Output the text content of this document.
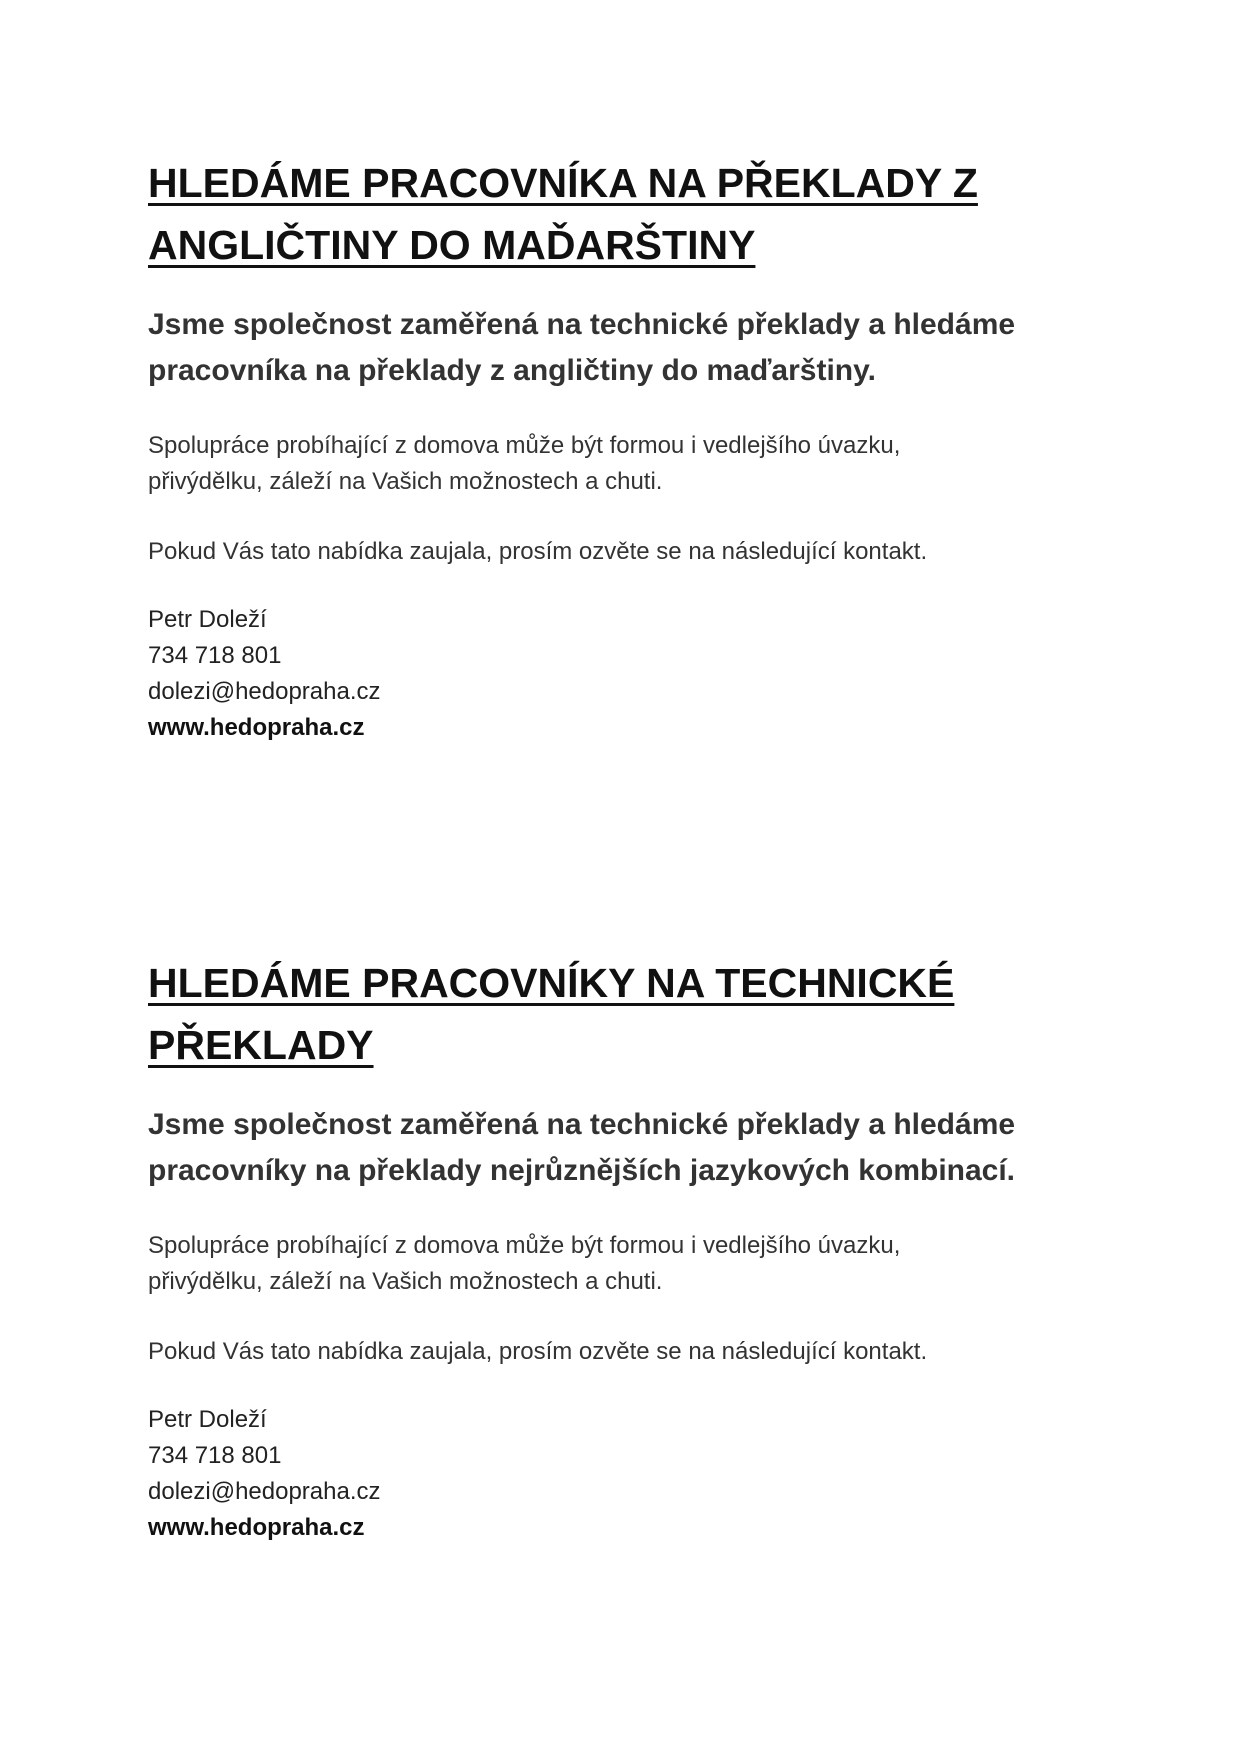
HLEDÁME PRACOVNÍKA NA PŘEKLADY Z
ANGLIČTINY DO MAĎARŠTINY

Jsme společnost zaměřená na technické překlady a hledáme
pracovníka na překlady z angličtiny do maďarštiny.

Spolupráce probíhající z domova může být formou i vedlejšího úvazku,
přivýdělku, záleží na Vašich možnostech a chuti.

Pokud Vás tato nabídka zaujala, prosím ozvěte se na následující kontakt.

Petr Doleží
734 718 801
dolezi@hedopraha.cz
www.hedopraha.cz
HLEDÁME PRACOVNÍKY NA TECHNICKÉ
PŘEKLADY

Jsme společnost zaměřená na technické překlady a hledáme
pracovníky na překlady nejrůznějších jazykových kombinací.

Spolupráce probíhající z domova může být formou i vedlejšího úvazku,
přivýdělku, záleží na Vašich možnostech a chuti.

Pokud Vás tato nabídka zaujala, prosím ozvěte se na následující kontakt.

Petr Doleží
734 718 801
dolezi@hedopraha.cz
www.hedopraha.cz
